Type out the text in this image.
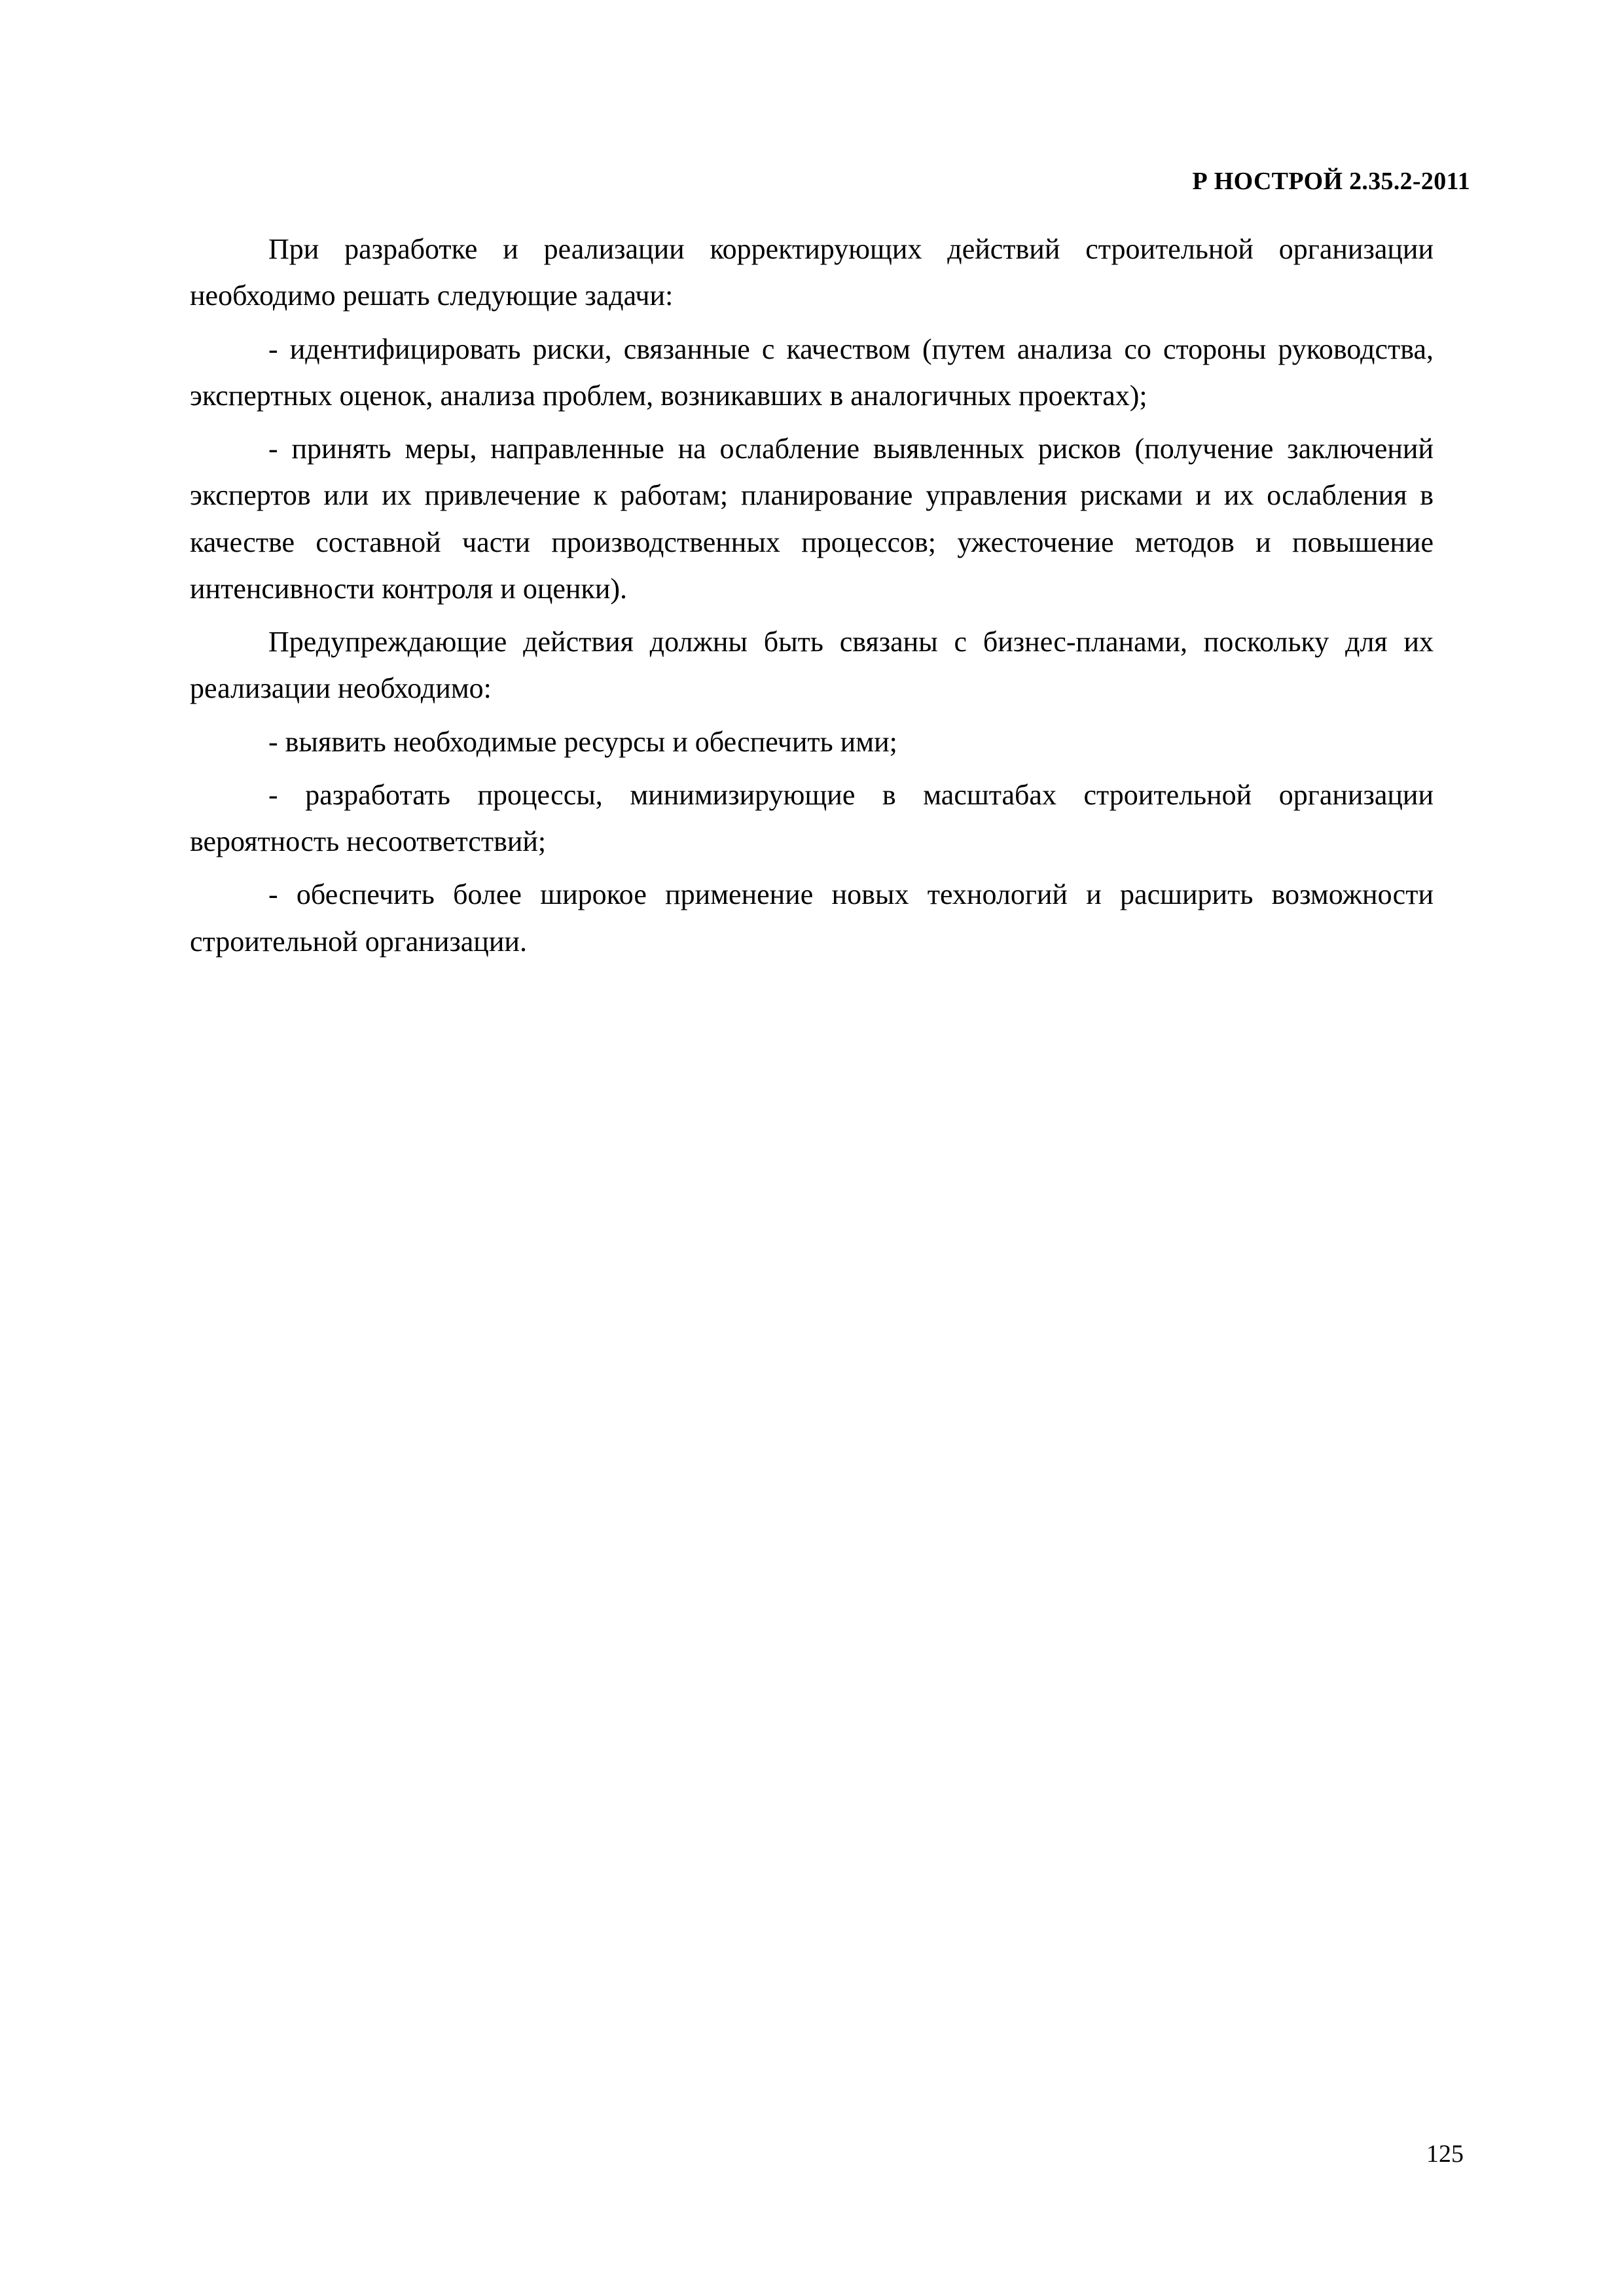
Р НОСТРОЙ 2.35.2-2011

При разработке и реализации корректирующих действий строительной организации необходимо решать следующие задачи:

- идентифицировать риски, связанные с качеством (путем анализа со стороны руководства, экспертных оценок, анализа проблем, возникавших в аналогичных проектах);

- принять меры, направленные на ослабление выявленных рисков (получение заключений экспертов или их привлечение к работам; планирование управления рисками и их ослабления в качестве составной части производственных процессов; ужесточение методов и повышение интенсивности контроля и оценки).

Предупреждающие действия должны быть связаны с бизнес-планами, поскольку для их реализации необходимо:

- выявить необходимые ресурсы и обеспечить ими;

- разработать процессы, минимизирующие в масштабах строительной организации вероятность несоответствий;

- обеспечить более широкое применение новых технологий и расширить возможности строительной организации.

125
